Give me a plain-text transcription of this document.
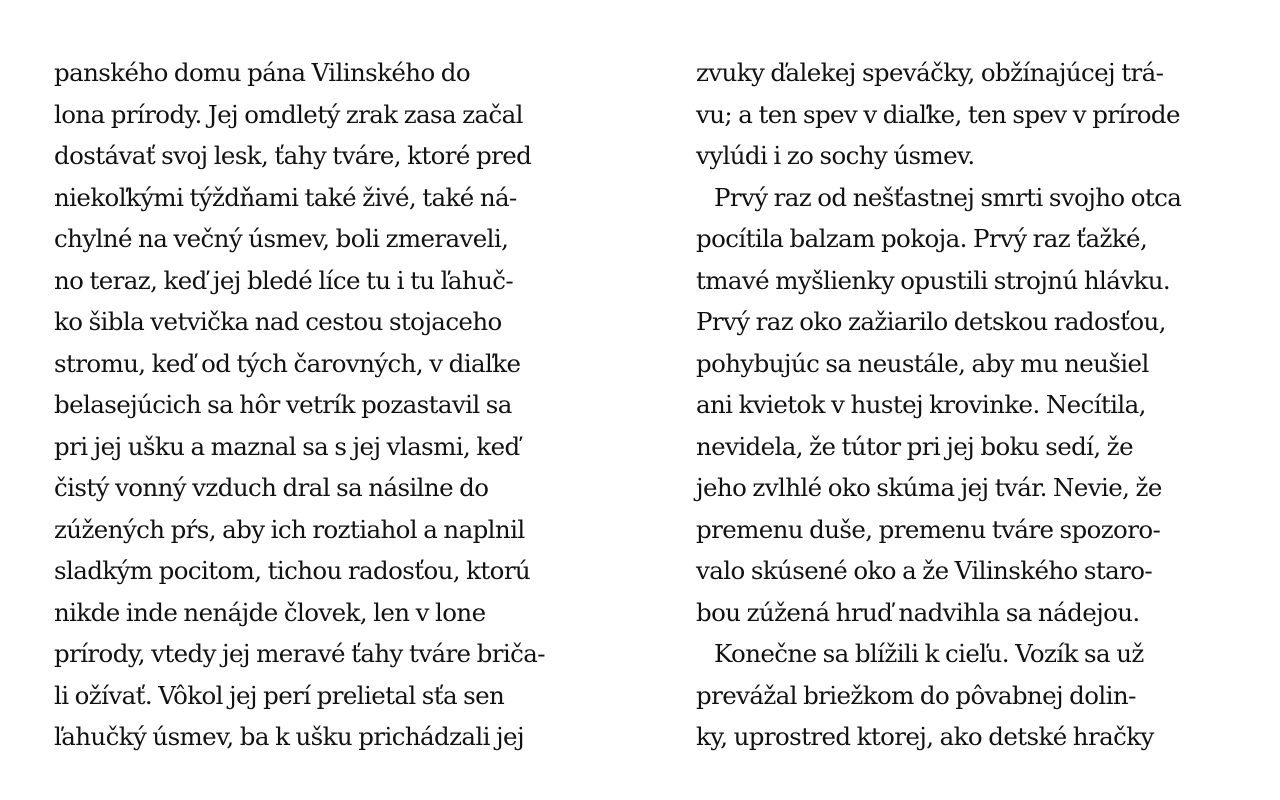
panského domu pána Vilinského do
lona prírody. Jej omdletý zrak zasa začal
dostávať svoj lesk, ťahy tváre, ktoré pred
niekoľkými týždňami také živé, také ná-
chylné na večný úsmev, boli zmeraveli,
no teraz, keď jej bledé líce tu i tu ľahuč-
ko šibla vetvička nad cestou stojaceho
stromu, keď od tých čarovných, v diaľke
belasejúcich sa hôr vetrík pozastavil sa
pri jej ušku a maznal sa s jej vlasmi, keď
čistý vonný vzduch dral sa násilne do
zúžených pŕs, aby ich roztiahol a naplnil
sladkým pocitom, tichou radosťou, ktorú
nikde inde nenájde človek, len v lone
prírody, vtedy jej meravé ťahy tváre briča-
li ožívať. Vôkol jej perí prelietal sťa sen
ľahučký úsmev, ba k ušku prichádzali jej
zvuky ďalekej speváčky, obžínajúcej trá-
vu; a ten spev v diaľke, ten spev v prírode
vylúdi i zo sochy úsmev.
Prvý raz od nešťastnej smrti svojho otca
pocítila balzam pokoja. Prvý raz ťažké,
tmavé myšlienky opustili strojnú hlávku.
Prvý raz oko zažiarilo detskou radosťou,
pohybujúc sa neustále, aby mu neušiel
ani kvietok v hustej krovinke. Necítila,
nevidela, že tútor pri jej boku sedí, že
jeho zvlhlé oko skúma jej tvár. Nevie, že
premenu duše, premenu tváre spozoro-
valo skúsené oko a že Vilinského staro-
bou zúžená hruď nadvihla sa nádejou.
Konečne sa blížili k cieľu. Vozík sa už
prevážal briežkom do pôvabnej dolin-
ky, uprostred ktorej, ako detské hračky
